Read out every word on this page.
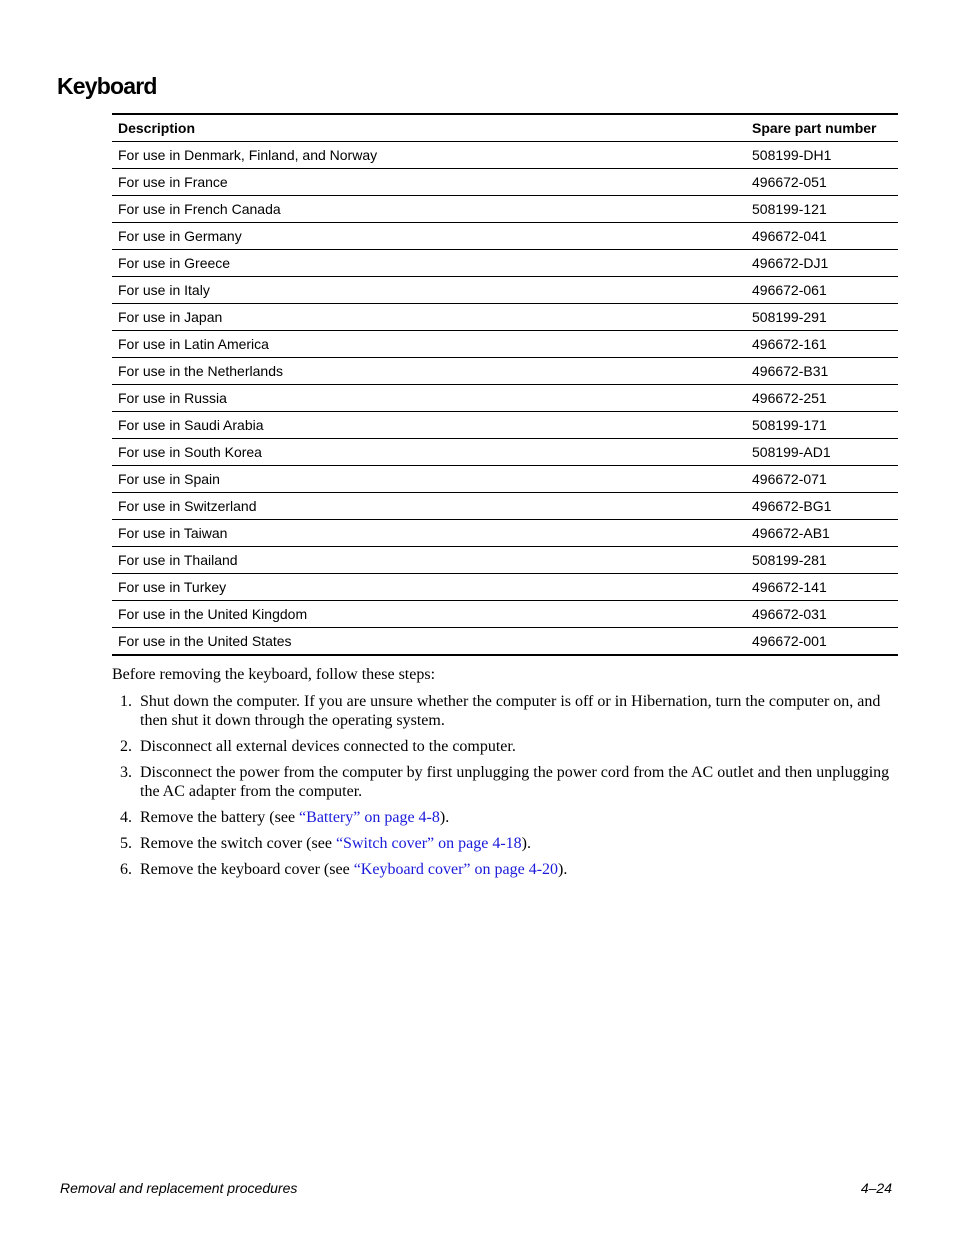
Keyboard
Description	Spare part number
For use in Denmark, Finland, and Norway	508199-DH1
For use in France	496672-051
For use in French Canada	508199-121
For use in Germany	496672-041
For use in Greece	496672-DJ1
For use in Italy	496672-061
For use in Japan	508199-291
For use in Latin America	496672-161
For use in the Netherlands	496672-B31
For use in Russia	496672-251
For use in Saudi Arabia	508199-171
For use in South Korea	508199-AD1
For use in Spain	496672-071
For use in Switzerland	496672-BG1
For use in Taiwan	496672-AB1
For use in Thailand	508199-281
For use in Turkey	496672-141
For use in the United Kingdom	496672-031
For use in the United States	496672-001

Before removing the keyboard, follow these steps:

1. Shut down the computer. If you are unsure whether the computer is off or in Hibernation, turn the computer on, and then shut it down through the operating system.
2. Disconnect all external devices connected to the computer.
3. Disconnect the power from the computer by first unplugging the power cord from the AC outlet and then unplugging the AC adapter from the computer.
4. Remove the battery (see “Battery” on page 4-8).
5. Remove the switch cover (see “Switch cover” on page 4-18).
6. Remove the keyboard cover (see “Keyboard cover” on page 4-20).
Removal and replacement procedures	4–24
